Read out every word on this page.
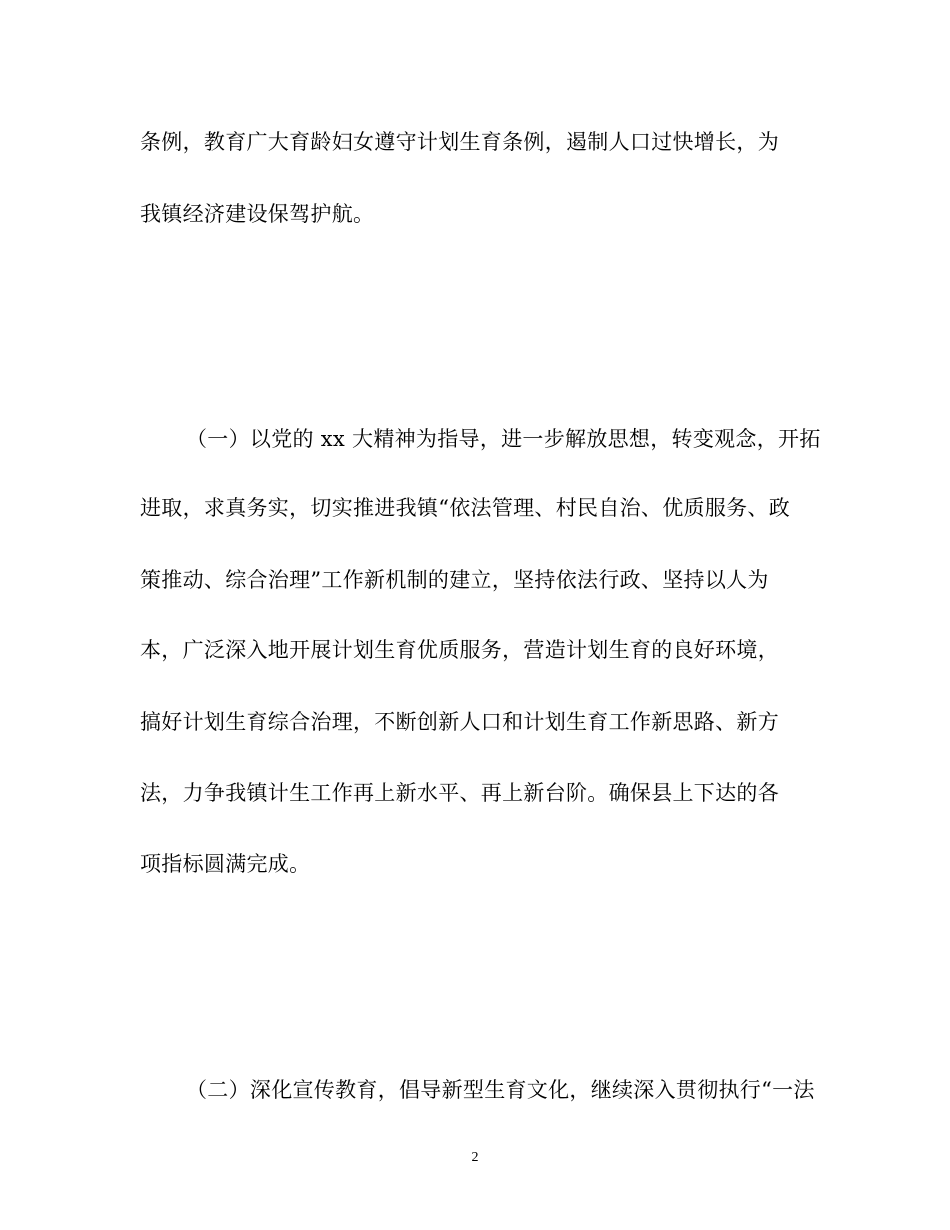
条例，教育广大育龄妇女遵守计划生育条例，遏制人口过快增长，为
我镇经济建设保驾护航。
（一）以党的 xx 大精神为指导，进一步解放思想，转变观念，开拓
进取，求真务实，切实推进我镇“依法管理、村民自治、优质服务、政
策推动、综合治理”工作新机制的建立，坚持依法行政、坚持以人为
本，广泛深入地开展计划生育优质服务，营造计划生育的良好环境，
搞好计划生育综合治理，不断创新人口和计划生育工作新思路、新方
法，力争我镇计生工作再上新水平、再上新台阶。确保县上下达的各
项指标圆满完成。
（二）深化宣传教育，倡导新型生育文化，继续深入贯彻执行“一法
2
